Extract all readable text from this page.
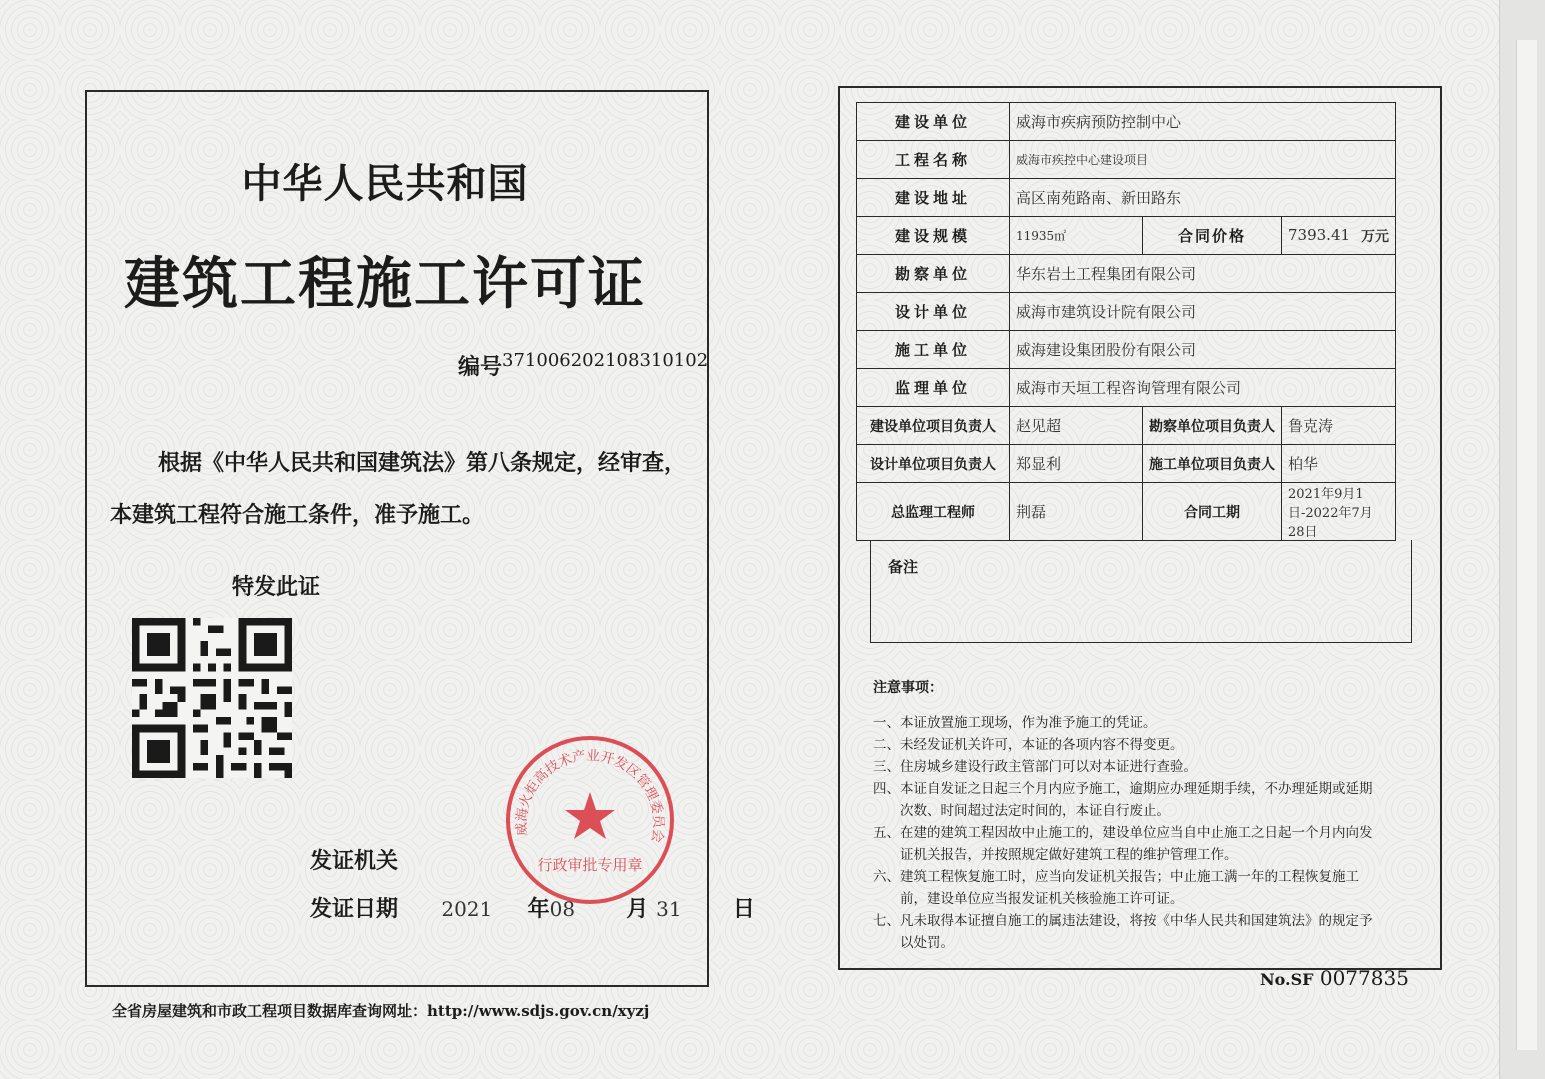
中华人民共和国
建筑工程施工许可证
编号$^{371006202108310102}$
根据《中华人民共和国建筑法》第八条规定，经审查，
本建筑工程符合施工条件，准予施工。
特发此证
威海火炬高技术产业开发区管理委员会
行政审批专用章
发证机关
发证日期 2021 年08 月 31 日
全省房屋建筑和市政工程项目数据库查询网址：http://www.sdjs.gov.cn/xyzj
建设单位	威海市疾病预防控制中心		
工程名称	威海市疾控中心建设项目		
建设地址	高区南苑路南、新田路东		
建设规模	11935㎡	合同价格	7393.41 万元

勘察单位	华东岩土工程集团有限公司		
设计单位	威海市建筑设计院有限公司		
施工单位	威海建设集团股份有限公司		
监理单位	威海市天垣工程咨询管理有限公司		
建设单位项目负责人	赵见超	勘察单位项目负责人	鲁克涛
设计单位项目负责人	郑显利	施工单位项目负责人	柏华
总监理工程师	荆磊	合同工期	2021年9月1日-2022年7月28日
备注
注意事项：
一、本证放置施工现场，作为准予施工的凭证。
二、未经发证机关许可，本证的各项内容不得变更。
三、住房城乡建设行政主管部门可以对本证进行查验。
四、本证自发证之日起三个月内应予施工，逾期应办理延期手续，不办理延期或延期
　　次数、时间超过法定时间的，本证自行废止。
五、在建的建筑工程因故中止施工的，建设单位应当自中止施工之日起一个月内向发
　　证机关报告，并按照规定做好建筑工程的维护管理工作。
六、建筑工程恢复施工时，应当向发证机关报告；中止施工满一年的工程恢复施工
　　前，建设单位应当报发证机关核验施工许可证。
七、凡未取得本证擅自施工的属违法建设，将按《中华人民共和国建筑法》的规定予
　　以处罚。
No.SF 0077835
